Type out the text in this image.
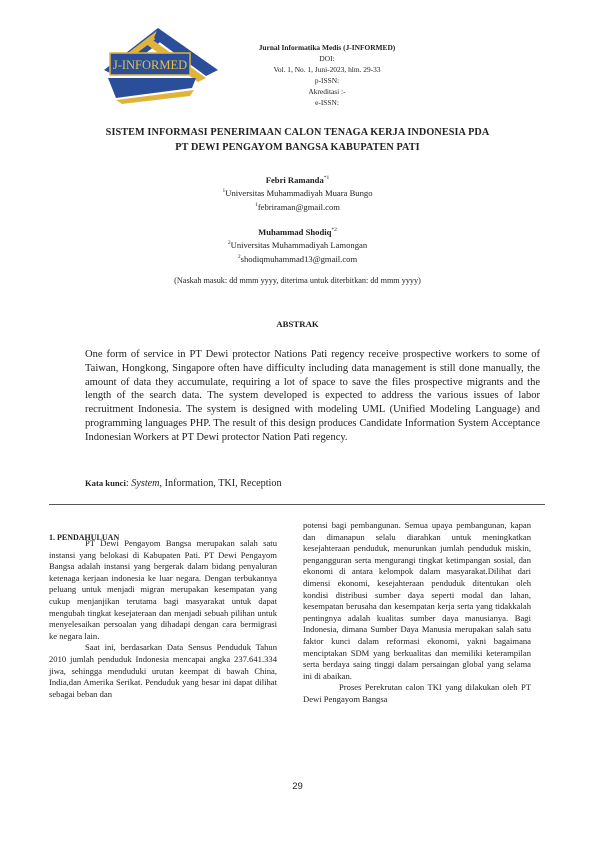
J-INFORMED
Jurnal Informatika Medis (J-INFORMED)
DOI:
Vol. 1, No. 1, Juni-2023, hlm. 29-33
p-ISSN:
Akreditasi :-
e-ISSN:
SISTEM INFORMASI PENERIMAAN CALON TENAGA KERJA INDONESIA PDA
PT DEWI PENGAYOM BANGSA KABUPATEN PATI
Febri Ramanda$^{*1}$
$^1$Universitas Muhammadiyah Muara Bungo
$^1$febriraman@gmail.com
Muhammad Shodiq$^{*2}$
$^2$Universitas Muhammadiyah Lamongan
$^2$shodiqmuhammad13@gmail.com
(Naskah masuk: dd mmm yyyy, diterima untuk diterbitkan: dd mmm yyyy)
ABSTRAK
One form of service in PT Dewi protector Nations Pati regency receive prospective workers to some of Taiwan, Hongkong, Singapore often have difficulty including data management is still done manually, the amount of data they accumulate, requiring a lot of space to save the files prospective migrants and the length of the search data. The system developed is expected to address the various issues of labor recruitment Indonesia. The system is designed with modeling UML (Unified Modeling Language) and programming languages PHP. The result of this design produces Candidate Information System Acceptance Indonesian Workers at PT Dewi protector Nation Pati regency.
Kata kunci: System, Information, TKI, Reception
1. PENDAHULUAN

PT Dewi Pengayom Bangsa merupakan salah satu instansi yang belokasi di Kabupaten Pati. PT Dewi Pengayom Bangsa adalah instansi yang bergerak dalam bidang penyaluran ketenaga kerjaan indonesia ke luar negara. Dengan terbukannya peluang untuk menjadi migran merupakan kesempatan yang cukup menjanjikan terutama bagi masyarakat untuk dapat mengubah tingkat kesejateraan dan menjadi sebuah pilihan untuk menyelesaikan persoalan yang dihadapi dengan cara bermigrasi ke negara lain.

Saat ini, berdasarkan Data Sensus Penduduk Tahun 2010 jumlah penduduk Indonesia mencapai angka 237.641.334 jiwa, sehingga menduduki urutan keempat di bawah China, India,dan Amerika Serikat. Penduduk yang besar ini dapat dilihat sebagai beban dan

potensi bagi pembangunan. Semua upaya pembangunan, kapan dan dimanapun selalu diarahkan untuk meningkatkan kesejahteraan penduduk, menurunkan jumlah penduduk miskin, pengangguran serta mengurangi tingkat ketimpangan sosial, dan ekonomi di antara kelompok dalam masyarakat.Dilihat dari dimensi ekonomi, kesejahteraan penduduk ditentukan oleh kondisi distribusi sumber daya seperti modal dan lahan, kesempatan berusaha dan kesempatan kerja serta yang tidakkalah pentingnya adalah kualitas sumber daya manusianya. Bagi Indonesia, dimana Sumber Daya Manusia merupakan salah satu faktor kunci dalam reformasi ekonomi, yakni bagaimana menciptakan SDM yang berkualitas dan memiliki keterampilan serta berdaya saing tinggi dalam persaingan global yang selama ini di abaikan.

Proses Perekrutan calon TKI yang dilakukan oleh PT Dewi Pengayom Bangsa

29
